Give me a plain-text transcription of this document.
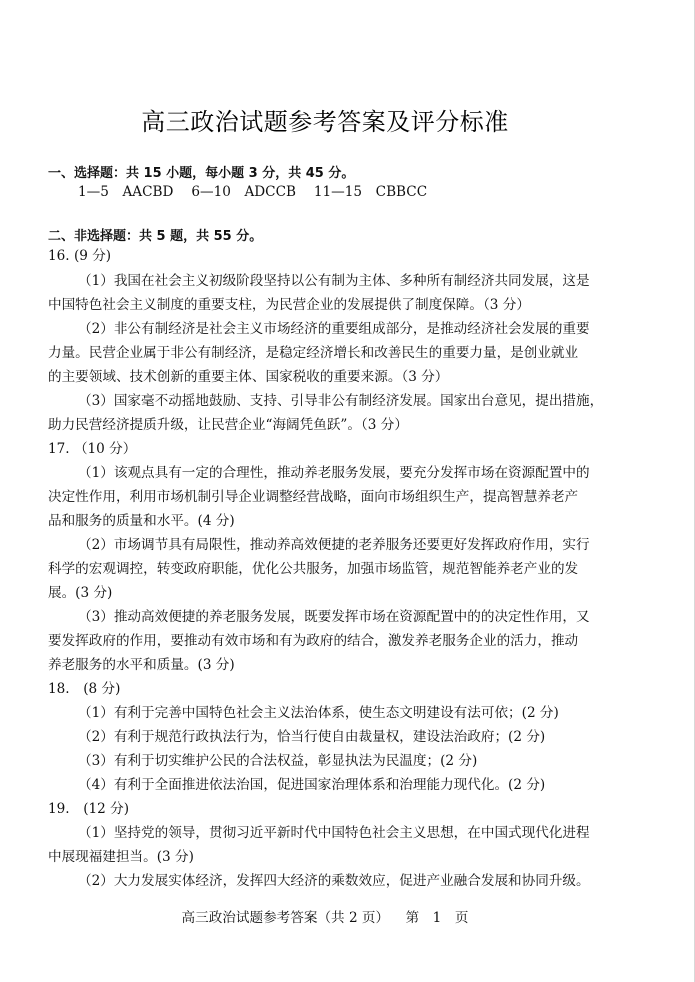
高三政治试题参考答案及评分标准
一、选择题：共 15 小题，每小题 3 分，共 45 分。
1—5　AACBD　 6—10　ADCCB　 11—15　CBBCC
二、非选择题：共 5 题，共 55 分。
16. (9 分)
（1）我国在社会主义初级阶段坚持以公有制为主体、多种所有制经济共同发展，这是
中国特色社会主义制度的重要支柱，为民营企业的发展提供了制度保障。（3 分）
（2）非公有制经济是社会主义市场经济的重要组成部分，是推动经济社会发展的重要
力量。民营企业属于非公有制经济，是稳定经济增长和改善民生的重要力量，是创业就业
的主要领域、技术创新的重要主体、国家税收的重要来源。（3 分）
（3）国家毫不动摇地鼓励、支持、引导非公有制经济发展。国家出台意见，提出措施，
助力民营经济提质升级，让民营企业“海阔凭鱼跃”。（3 分）
17. （10 分）
（1）该观点具有一定的合理性，推动养老服务发展，要充分发挥市场在资源配置中的
决定性作用，利用市场机制引导企业调整经营战略，面向市场组织生产，提高智慧养老产
品和服务的质量和水平。(4 分)
（2）市场调节具有局限性，推动养高效便捷的老养服务还要更好发挥政府作用，实行
科学的宏观调控，转变政府职能，优化公共服务，加强市场监管，规范智能养老产业的发
展。(3 分)
（3）推动高效便捷的养老服务发展，既要发挥市场在资源配置中的的决定性作用，又
要发挥政府的作用，要推动有效市场和有为政府的结合，激发养老服务企业的活力，推动
养老服务的水平和质量。(3 分)
18.　(8 分)
（1）有利于完善中国特色社会主义法治体系，使生态文明建设有法可依；(2 分)
（2）有利于规范行政执法行为，恰当行使自由裁量权，建设法治政府；(2 分)
（3）有利于切实维护公民的合法权益，彰显执法为民温度；(2 分)
（4）有利于全面推进依法治国，促进国家治理体系和治理能力现代化。(2 分)
19.　(12 分)
（1）坚持党的领导，贯彻习近平新时代中国特色社会主义思想，在中国式现代化进程
中展现福建担当。(3 分)
（2）大力发展实体经济，发挥四大经济的乘数效应，促进产业融合发展和协同升级。
高三政治试题参考答案（共 2 页） 第　1　页
